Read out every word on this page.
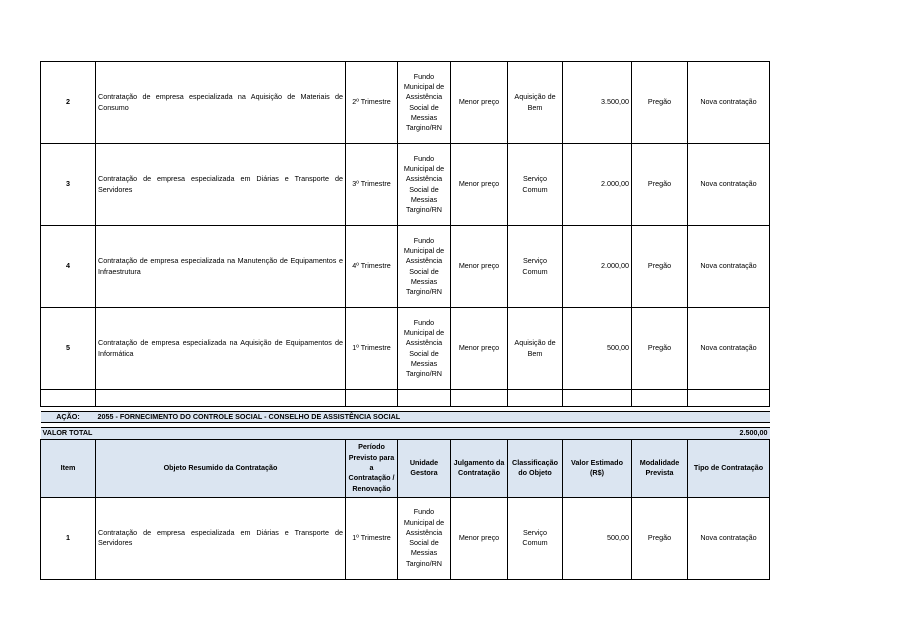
2	Contratação de empresa especializada na Aquisição de Materiais de Consumo	2º Trimestre	Fundo Municipal de Assistência Social de Messias Targino/RN	Menor preço	Aquisição de Bem	3.500,00	Pregão	Nova contratação
3	Contratação de empresa especializada em Diárias e Transporte de Servidores	3º Trimestre	Fundo Municipal de Assistência Social de Messias Targino/RN	Menor preço	Serviço Comum	2.000,00	Pregão	Nova contratação
4	Contratação de empresa especializada na Manutenção de Equipamentos e Infraestrutura	4º Trimestre	Fundo Municipal de Assistência Social de Messias Targino/RN	Menor preço	Serviço Comum	2.000,00	Pregão	Nova contratação
5	Contratação de empresa especializada na Aquisição de Equipamentos de Informática	1º Trimestre	Fundo Municipal de Assistência Social de Messias Targino/RN	Menor preço	Aquisição de Bem	500,00	Pregão	Nova contratação

AÇÃO:	2055 - FORNECIMENTO DO CONTROLE SOCIAL - CONSELHO DE ASSISTÊNCIA SOCIAL							

VALOR TOTAL							2.500,00	
Item	Objeto Resumido da Contratação	Período Previsto para a Contratação / Renovação	Unidade Gestora	Julgamento da Contratação	Classificação do Objeto	Valor Estimado (R$)	Modalidade Prevista	Tipo de Contratação
1	Contratação de empresa especializada em Diárias e Transporte de Servidores	1º Trimestre	Fundo Municipal de Assistência Social de Messias Targino/RN	Menor preço	Serviço Comum	500,00	Pregão	Nova contratação
